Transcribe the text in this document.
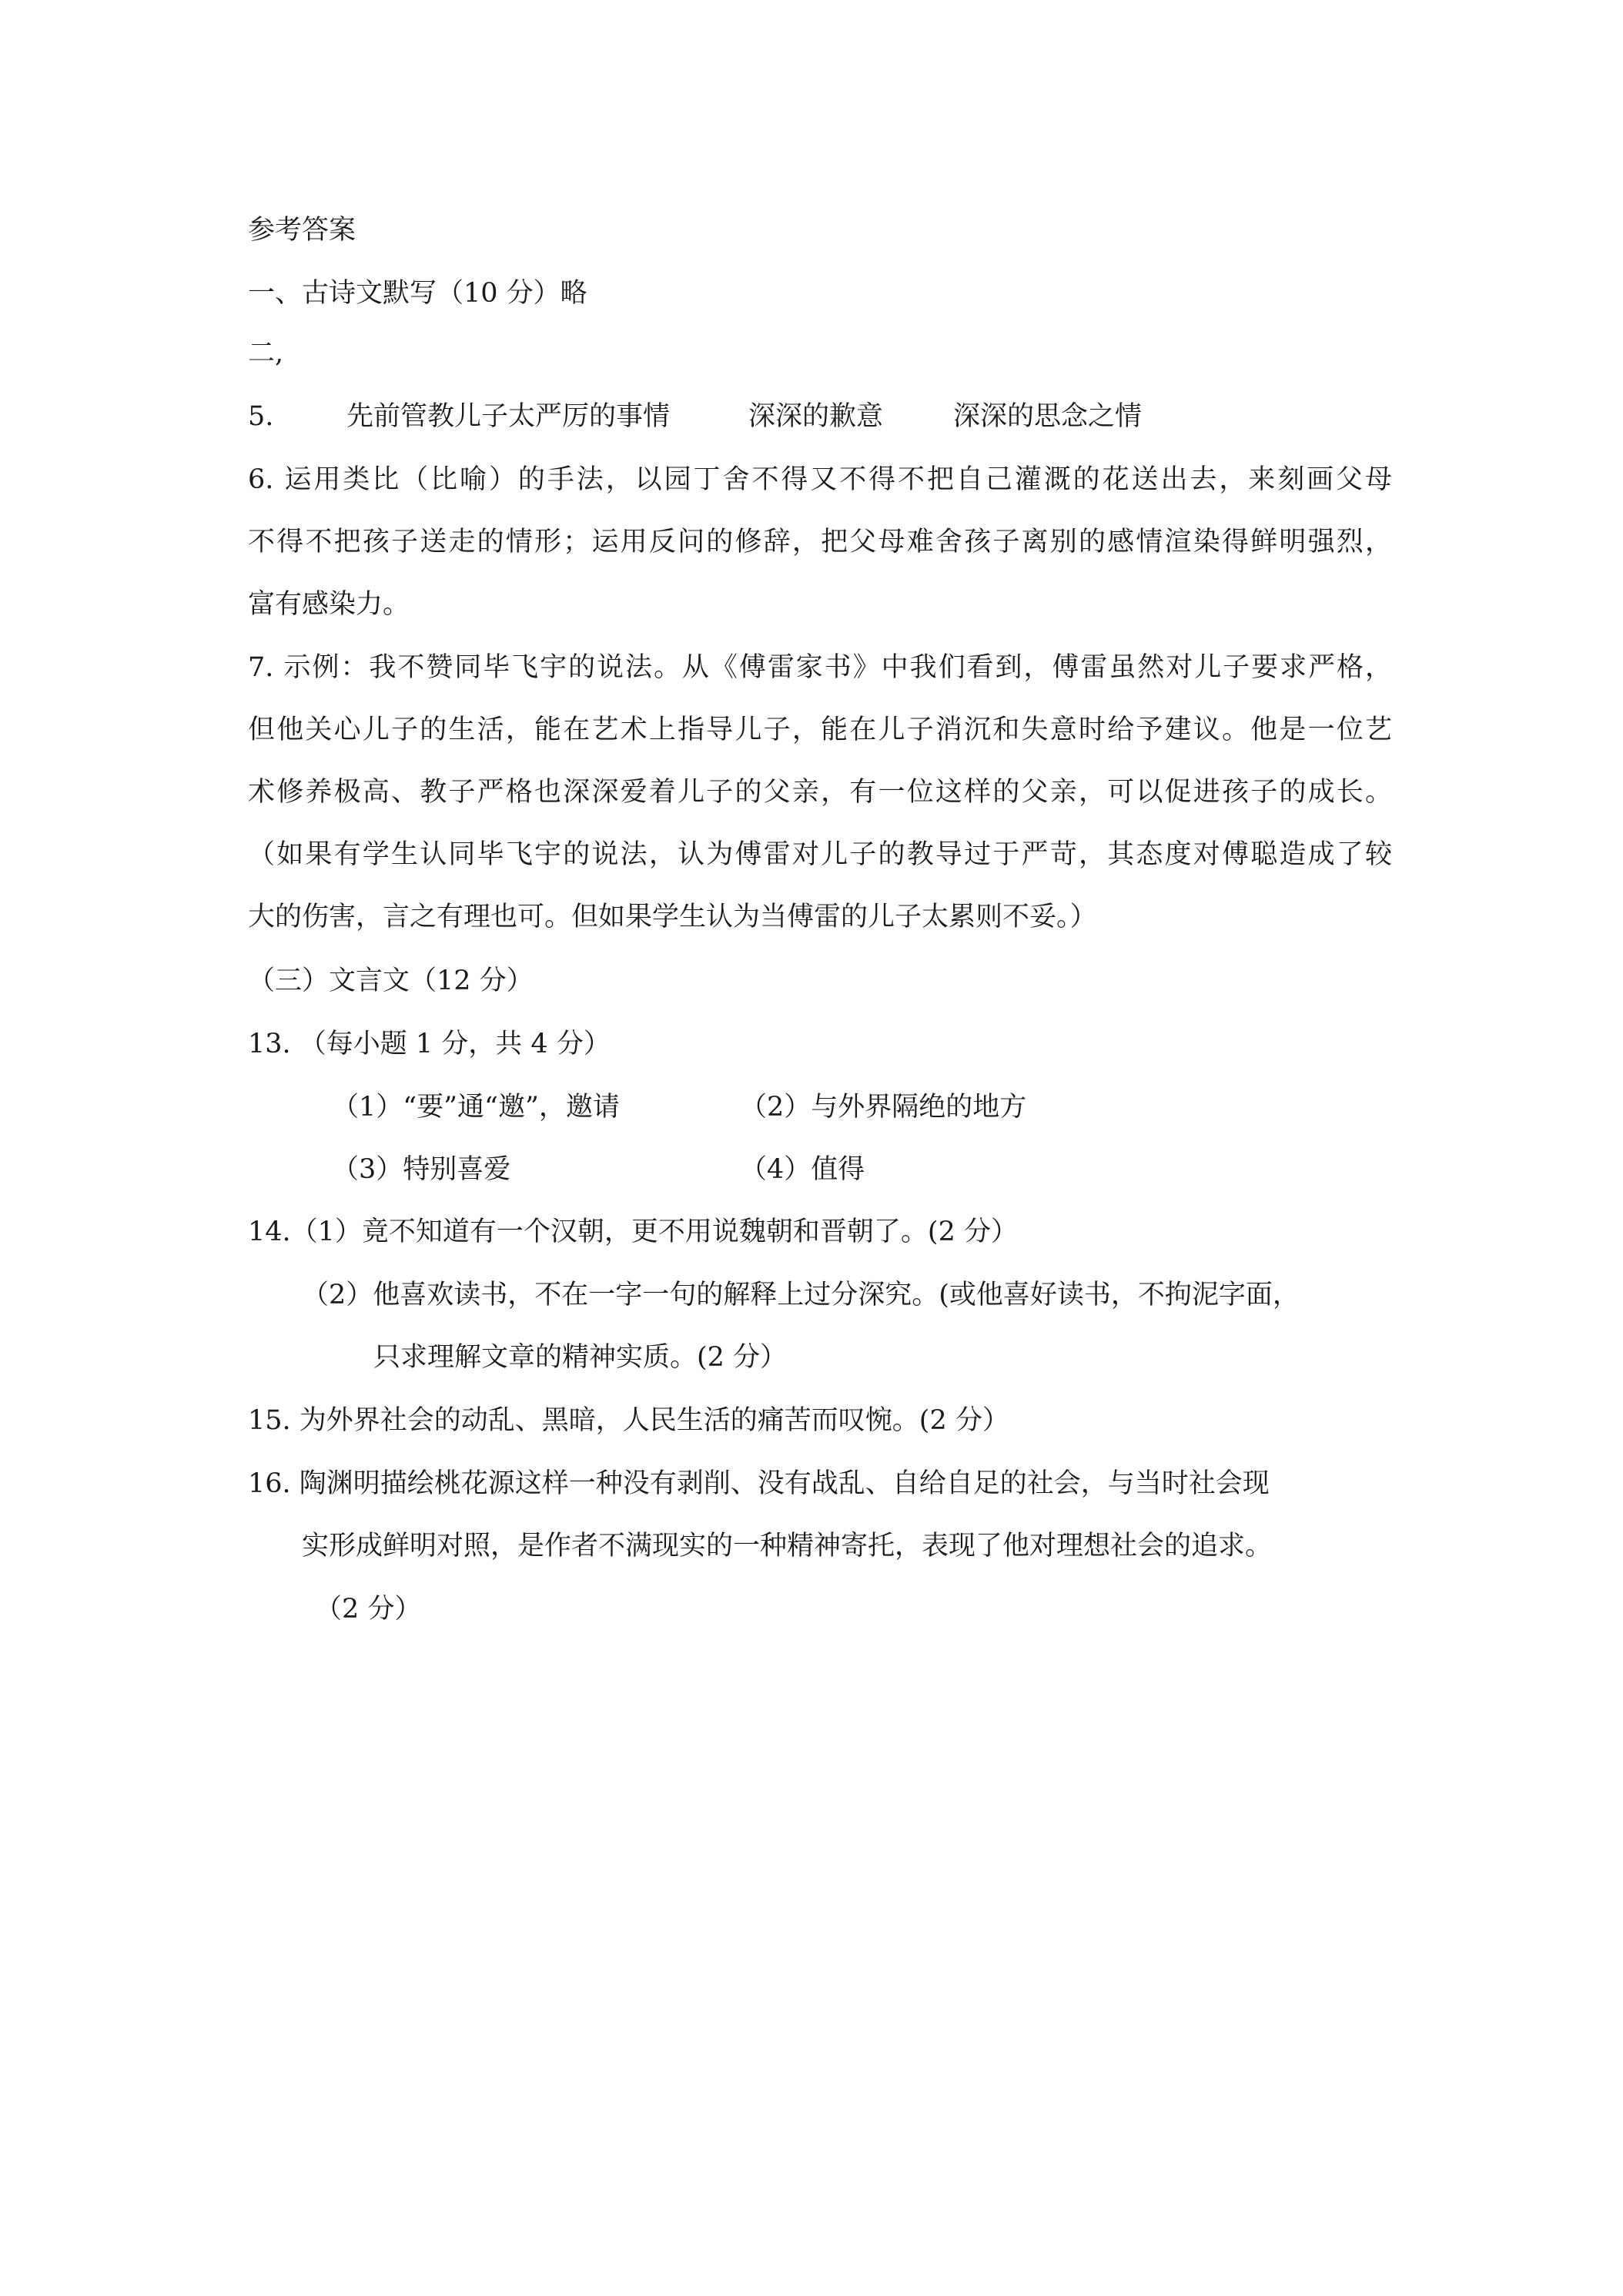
参考答案
一、古诗文默写（10 分）略
二,
5.	先前管教儿子太严厉的事情	深深的歉意	深深的思念之情
6. 运用类比（比喻）的手法，以园丁舍不得又不得不把自己灌溉的花送出去，来刻画父母
不得不把孩子送走的情形；运用反问的修辞，把父母难舍孩子离别的感情渲染得鲜明强烈，
富有感染力。
7. 示例：我不赞同毕飞宇的说法。从《傅雷家书》中我们看到，傅雷虽然对儿子要求严格，
但他关心儿子的生活，能在艺术上指导儿子，能在儿子消沉和失意时给予建议。他是一位艺
术修养极高、教子严格也深深爱着儿子的父亲，有一位这样的父亲，可以促进孩子的成长。
（如果有学生认同毕飞宇的说法，认为傅雷对儿子的教导过于严苛，其态度对傅聪造成了较
大的伤害，言之有理也可。但如果学生认为当傅雷的儿子太累则不妥。）
（三）文言文（12 分）
13. （每小题 1 分，共 4 分）
（1）“要”通“邀”，邀请	（2）与外界隔绝的地方
（3）特别喜爱	（4）值得
14.（1）竟不知道有一个汉朝，更不用说魏朝和晋朝了。(2 分）
（2）他喜欢读书，不在一字一句的解释上过分深究。(或他喜好读书，不拘泥字面，
只求理解文章的精神实质。(2 分）
15. 为外界社会的动乱、黑暗，人民生活的痛苦而叹惋。(2 分）
16. 陶渊明描绘桃花源这样一种没有剥削、没有战乱、自给自足的社会，与当时社会现
实形成鲜明对照，是作者不满现实的一种精神寄托，表现了他对理想社会的追求。
（2 分）
